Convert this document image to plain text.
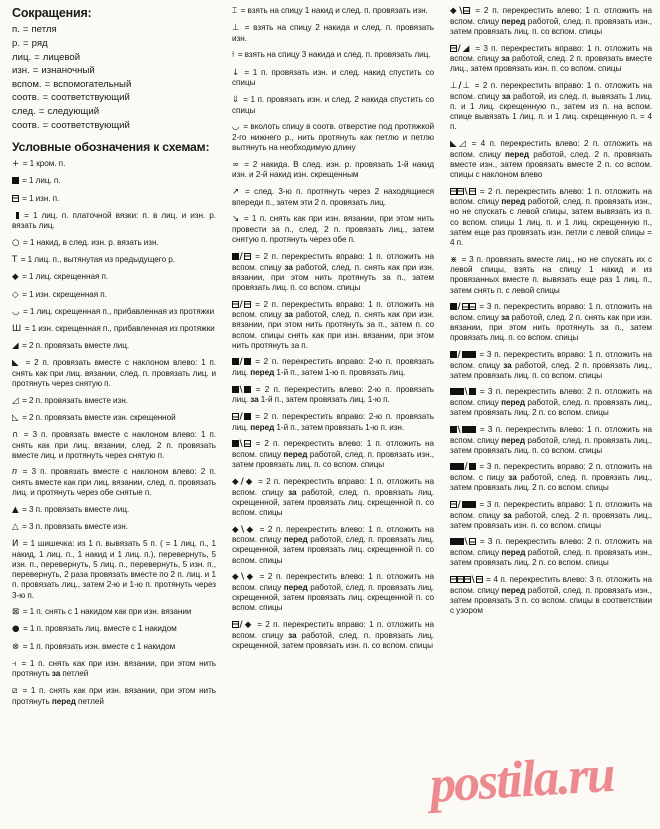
Сокращения:
п. = петля
р. = ряд
лиц. = лицевой
изн. = изнаночный
вспом. = вспомогательный
соотв. = соответствующий
след. = следующий
соотв. = соответствующий
Условные обозначения к схемам:
+ = 1 кром. п.
= 1 лиц. п.
= 1 изн. п.
= 1 лиц. п. платочной вязки: п. в лиц. и изн. р. вязать лиц.
○ = 1 накид, в след. изн. р. вязать изн.
T = 1 лиц. п., вытянутая из предыдущего р.
◆ = 1 лиц. скрещенная п.
◇ = 1 изн. скрещенная п.
◡ = 1 лиц. скрещенная п., прибавленная из протяжки
Ш = 1 изн. скрещенная п., прибавленная из протяжки
◢ = 2 п. провязать вместе лиц.
◣ = 2 п. провязать вместе с наклоном влево: 1 п. снять как при лиц. вязании, след. п. провязать лиц. и протянуть через снятую п.
◿ = 2 п. провязать вместе изн.
◺ = 2 п. провязать вместе изн. скрещенной
∩ = 3 п. провязать вместе с наклоном влево: 1 п. снять как при лиц. вязании, след. 2 п. провязать вместе лиц. и протянуть через снятую п.
ⴖ = 3 п. провязать вместе с наклоном влево: 2 п. снять вместе как при лиц. вязании, след. п. провязать лиц. и протянуть через обе снятые п.
▲ = 3 п. провязать вместе лиц.
△ = 3 п. провязать вместе изн.
И = 1 шишечка: из 1 п. вывязать 5 п. ( = 1 лиц. п., 1 накид, 1 лиц. п., 1 накид и 1 лиц. п.), перевернуть, 5 изн. п., перевернуть, 5 лиц. п., перевернуть, 5 изн. п., перевернуть, 2 раза провязать вместе по 2 п. лиц. и 1 п. провязать лиц., затем 2-ю и 1-ю п. протянуть через 3-ю п.
⊠ = 1 п. снять с 1 накидом как при изн. вязании
● = 1 п. провязать лиц. вместе с 1 накидом
⊗ = 1 п. провязать изн. вместе с 1 накидом
⫞ = 1 п. снять как при изн. вязании, при этом нить протянуть за петлей
⧄ = 1 п. снять как при изн. вязании, при этом нить протянуть перед петлей
⌶ = взять на спицу 1 накид и след. п. провязать изн.
⊥ = взять на спицу 2 накида и след. п. провязать изн.
⍿ = взять на спицу 3 накида и след. п. провязать лиц.
↓ = 1 п. провязать изн. и след. накид спустить со спицы
⇓ = 1 п. провязать изн. и след. 2 накида спустить со спицы
◡ = вколоть спицу в соотв. отверстие под протяжкой 2-го нижнего р., нить протянуть как петлю и петлю вытянуть на необходимую длину
∞ = 2 накида. В след. изн. р. провязать 1-й накид изн. и 2-й накид изн. скрещенным
↗ = след. 3-ю п. протянуть через 2 находящиеся впереди п., затем эти 2 п. провязать лиц.
↘ = 1 п. снять как при изн. вязании, при этом нить провести за п., след. 2 п. провязать лиц., затем снятую п. протянуть через обе п.
/ = 2 п. перекрестить вправо: 1 п. отложить на вспом. спицу за работой, след. п. снять как при изн. вязании, при этом нить протянуть за п., затем провязать лиц. п. со вспом. спицы
/ = 2 п. перекрестить вправо: 1 п. отложить на вспом. спицу за работой, след. п. снять как при изн. вязании, при этом нить протянуть за п., затем п. со вспом. спицы снять как при изн. вязании, при этом нить протянуть за п.
/ = 2 п. перекрестить вправо: 2-ю п. провязать лиц. перед 1-й п., затем 1-ю п. провязать лиц.
\ = 2 п. перекрестить влево: 2-ю п. провязать лиц. за 1-й п., затем провязать лиц. 1-ю п.
/ = 2 п. перекрестить вправо: 2-ю п. провязать лиц. перед 1-й п., затем провязать 1-ю п. изн.
\ = 2 п. перекрестить влево: 1 п. отложить на вспом. спицу перед работой, след. п. провязать изн., затем провязать лиц. п. со вспом. спицы
◆/◆ = 2 п. перекрестить вправо: 1 п. отложить на вспом. спицу за работой, след. п. провязать лиц. скрещенной, затем провязать лиц. скрещенной п. со вспом. спицы
◆\◆ = 2 п. перекрестить влево: 1 п. отложить на вспом. спицу перед работой, след. п. провязать лиц. скрещенной, затем провязать лиц. скрещенной п. со вспом. спицы
◆\◆ = 2 п. перекрестить влево: 1 п. отложить на вспом. спицу перед работой, след. п. провязать лиц. скрещенной, затем провязать лиц. скрещенной п. со вспом. спицы
/◆ = 2 п. перекрестить вправо: 1 п. отложить на вспом. спицу за работой, след. п. провязать лиц. скрещенной, затем провязать изн. п. со вспом. спицы
◆\ = 2 п. перекрестить влево: 1 п. отложить на вспом. спицу перед работой, след. п. провязать изн., затем провязать лиц. п. со вспом. спицы
/◢ = 3 п. перекрестить вправо: 1 п. отложить на вспом. спицу за работой, след. 2 п. провязать вместе лиц., затем провязать изн. п. со вспом. спицы
⊥/⊥ = 2 п. перекрестить вправо: 1 п. отложить на вспом. спицу за работой, из след. п. вывязать 1 лиц. п. и 1 лиц. скрещенную п., затем из п. на вспом. спице вывязать 1 лиц. п. и 1 лиц. скрещенную п. = 4 п.
◣◿ = 4 п. перекрестить влево: 2 п. отложить на вспом. спицу перед работой, след. 2 п. провязать вместе изн., затем провязать вместе 2 п. со вспом. спицы с наклоном влево
\ = 2 п. перекрестить влево: 1 п. отложить на вспом. спицу перед работой, след. п. провязать изн., но не спускать с левой спицы, затем вывязать из п. со вспом. спицы 1 лиц. п. и 1 лиц. скрещенную п., затем еще раз провязать изн. петли с левой спицы = 4 п.
⋇ = 3 п. провязать вместе лиц., но не спускать их с левой спицы, взять на спицу 1 накид и из провязанных вместе п. вывязать еще раз 1 лиц. п., затем снять п. с левой спицы
/ = 3 п. перекрестить вправо: 1 п. отложить на вспом. спицу за работой, след. 2 п. снять как при изн. вязании, при этом нить протянуть за п., затем провязать лиц. п. со вспом. спицы
/ = 3 п. перекрестить вправо: 1 п. отложить на вспом. спицу за работой, след. 2 п. провязать лиц., затем провязать лиц. п. со вспом. спицы
\ = 3 п. перекрестить влево: 2 п. отложить на вспом. спицу перед работой, след. п. провязать лиц., затем провязать лиц. 2 п. со вспом. спицы
\ = 3 п. перекрестить влево: 1 п. отложить на вспом. спицу перед работой, след. п. провязать лиц., затем провязать лиц. п. со вспом. спицы
/ = 3 п. перекрестить вправо: 2 п. отложить на вспом. с пицу за работой, след. п. провязать лиц., затем провязать лиц. 2 п. со вспом. спицы
/ = 3 п. перекрестить вправо: 1 п. отложить на вспом. спицу за работой, след. 2 п. провязать лиц., затем провязать изн. п. со вспом. спицы
\ = 3 п. перекрестить влево: 2 п. отложить на вспом. спицу перед работой, след. п. провязать изн., затем провязать лиц. 2 п. со вспом. спицы
\ = 4 п. перекрестить влево: 3 п. отложить на вспом. спицу перед работой, след. п. провязать изн., затем провязать 3 п. со вспом. спицы в соответствии с узором
postila.ru
